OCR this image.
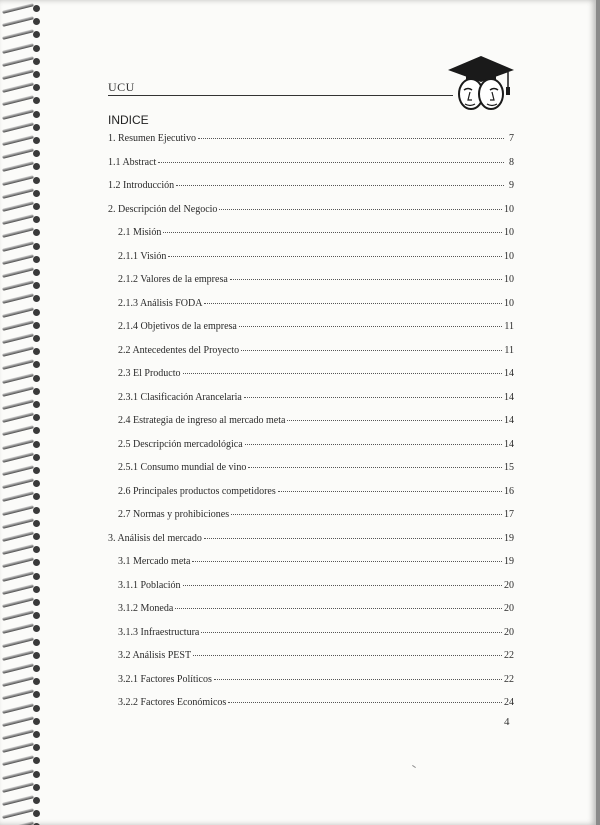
UCU
INDICE
1. Resumen Ejecutivo	7
1.1 Abstract	8
1.2 Introducción	9
2. Descripción del Negocio	10
2.1 Misión	10
2.1.1 Visión	10
2.1.2 Valores de la empresa	10
2.1.3 Análisis FODA	10
2.1.4 Objetivos de la empresa	11
2.2 Antecedentes del Proyecto	11
2.3 El Producto	14
2.3.1 Clasificación Arancelaria	14
2.4 Estrategia de ingreso al mercado meta	14
2.5 Descripción mercadológica	14
2.5.1 Consumo mundial de vino	15
2.6 Principales productos competidores	16
2.7 Normas y prohibiciones	17
3. Análisis del mercado	19
3.1 Mercado meta	19
3.1.1 Población	20
3.1.2 Moneda	20
3.1.3 Infraestructura	20
3.2 Análisis PEST	22
3.2.1 Factores Políticos	22
3.2.2 Factores Económicos	24
4
